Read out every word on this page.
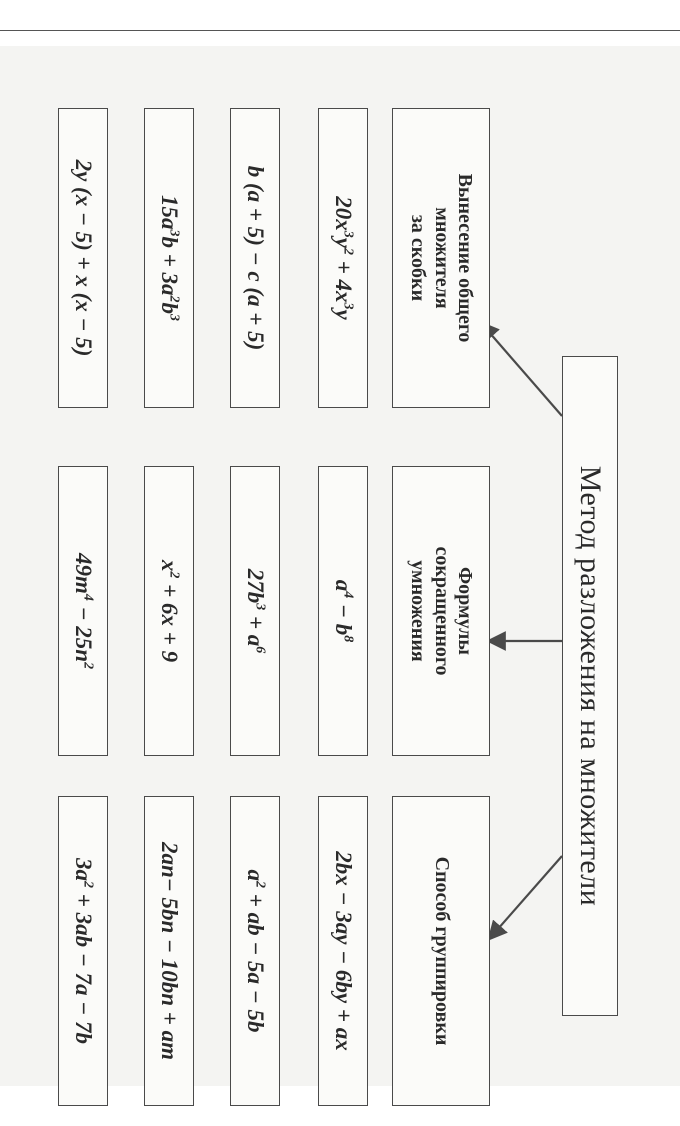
Метод разложения на множители
Вынесение общего
множителя
за скобки
Формулы
сокращенного
умножения
Способ группировки
$20x^3y^2 + 4x^3y$
b (a + 5) − c (a + 5)
$15a^3b + 3a^2b^3$
2y (x − 5) + x (x − 5)
$a^4 - b^8$
$27b^3 + a^6$
$x^2 + 6x + 9$
$49m^4 - 25n^2$
2bx − 3ay − 6by + ax
$a^2$ + ab − 5a − 5b
2an− 5bn − 10bn + am
$3a^2 + 3ab - 7a - 7b$
